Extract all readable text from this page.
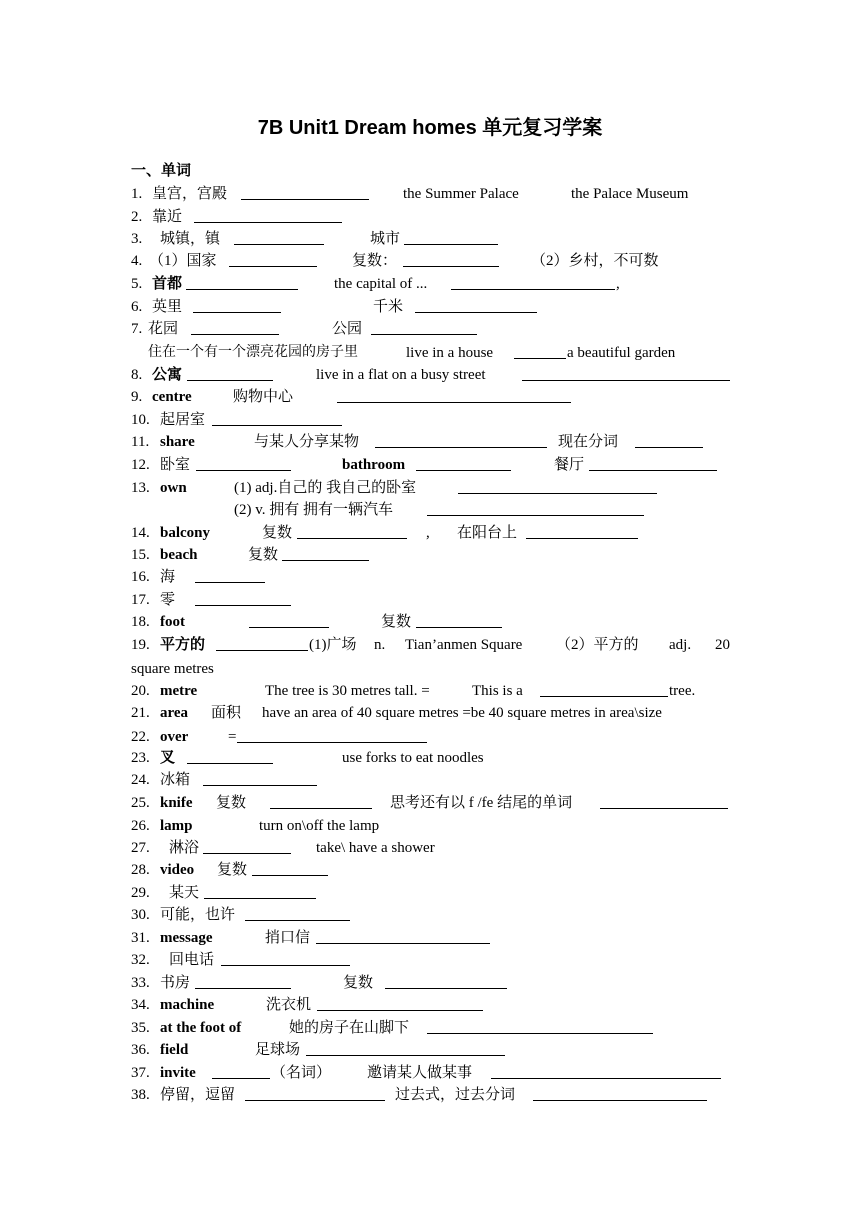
7B Unit1 Dream homes 单元复习学案
一、单词
1. 皇宫，宫殿	the Summer Palace	the Palace Museum
2. 靠近
3. 城镇，镇	城市
4. （1）国家	复数：	（2）乡村，不可数
5. 首都	the capital of ...	,
6. 英里	千米
7. 花园	公园
住在一个有一个漂亮花园的房子里	live in a house	a beautiful garden
8. 公寓	live in a flat on a busy street
9. centre	购物中心
10. 起居室
11. share	与某人分享某物	现在分词
12. 卧室	bathroom	餐厅
13. own	(1) adj.自己的 我自己的卧室
(2) v. 拥有 拥有一辆汽车
14. balcony	复数	, 在阳台上
15. beach	复数
16. 海
17. 零
18. foot	复数
19. 平方的	(1)广场 n. Tian’anmen Square （2）平方的 adj. 20
square metres
20. metre	The tree is 30 metres tall. =	This is a	tree.
21. area 面积 have an area of 40 square metres =be 40 square metres in area\size
22. over	=
23. 叉	use forks to eat noodles
24. 冰箱
25. knife 复数	思考还有以 f /fe 结尾的单词
26. lamp	turn on\off the lamp
27. 淋浴	take\ have a shower
28. video 复数
29. 某天
30. 可能，也许
31. message	捎口信
32. 回电话
33. 书房	复数
34. machine	洗衣机
35. at the foot of	她的房子在山脚下
36. field	足球场
37. invite	（名词） 邀请某人做某事
38. 停留，逗留	过去式，过去分词
